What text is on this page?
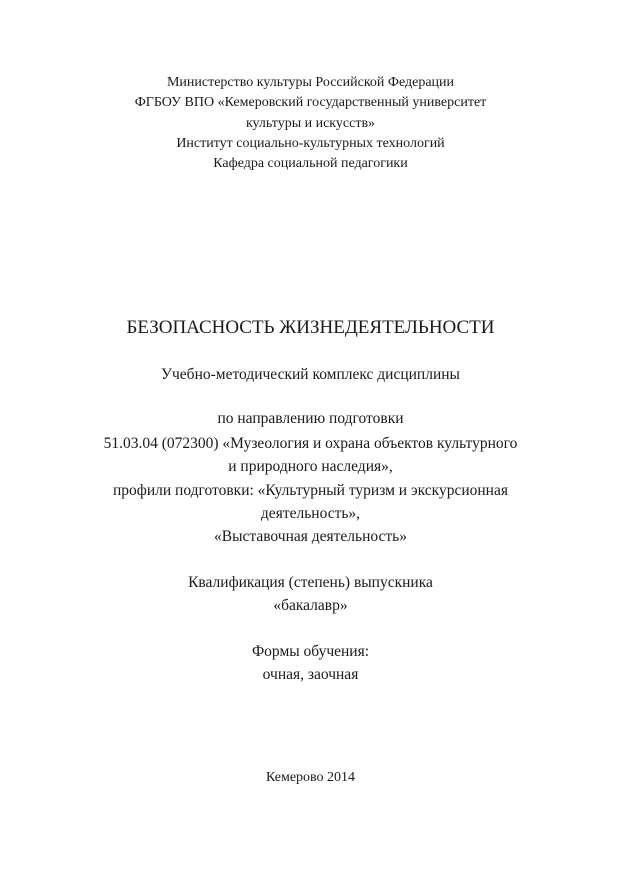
Министерство культуры Российской Федерации
ФГБОУ ВПО «Кемеровский государственный университет
культуры и искусств»
Институт социально-культурных технологий
Кафедра социальной педагогики
БЕЗОПАСНОСТЬ ЖИЗНЕДЕЯТЕЛЬНОСТИ
Учебно-методический комплекс дисциплины
по направлению подготовки
51.03.04 (072300) «Музеология и охрана объектов культурного
и природного наследия»,
профили подготовки: «Культурный туризм и экскурсионная
деятельность»,
«Выставочная деятельность»
Квалификация (степень) выпускника
«бакалавр»
Формы обучения:
очная, заочная
Кемерово 2014
